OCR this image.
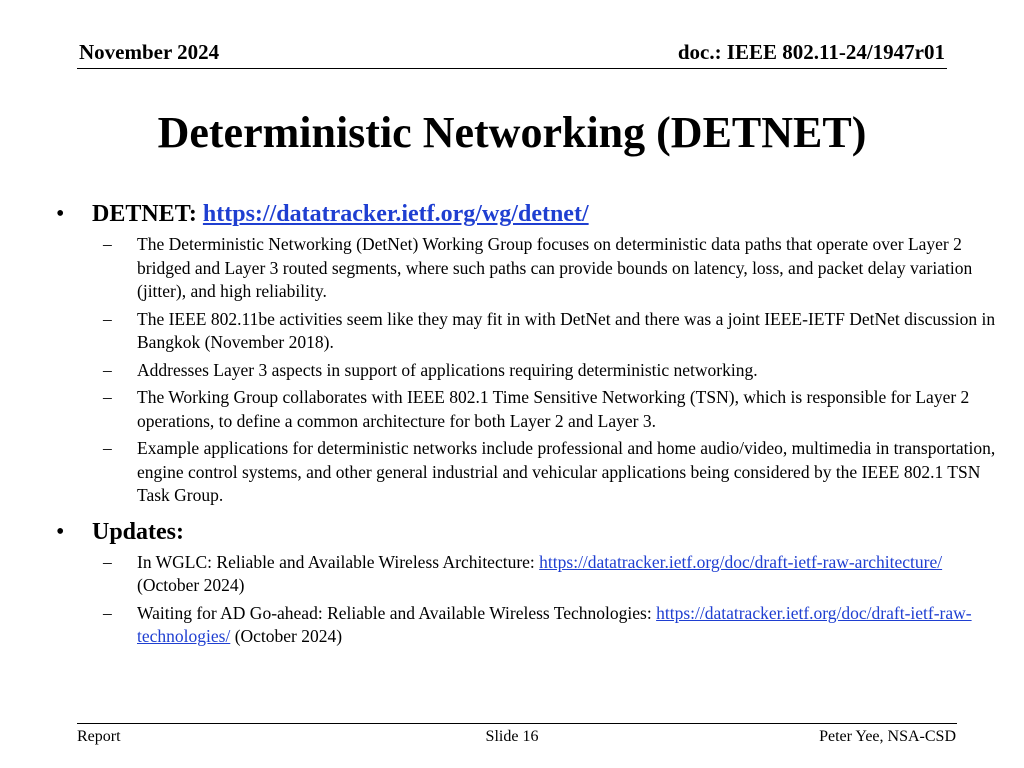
November 2024	doc.: IEEE 802.11-24/1947r01
Deterministic Networking (DETNET)
• DETNET: https://datatracker.ietf.org/wg/detnet/
– The Deterministic Networking (DetNet) Working Group focuses on deterministic data paths that operate over Layer 2 bridged and Layer 3 routed segments, where such paths can provide bounds on latency, loss, and packet delay variation (jitter), and high reliability.
– The IEEE 802.11be activities seem like they may fit in with DetNet and there was a joint IEEE-IETF DetNet discussion in Bangkok (November 2018).
– Addresses Layer 3 aspects in support of applications requiring deterministic networking.
– The Working Group collaborates with IEEE 802.1 Time Sensitive Networking (TSN), which is responsible for Layer 2 operations, to define a common architecture for both Layer 2 and Layer 3.
– Example applications for deterministic networks include professional and home audio/video, multimedia in transportation, engine control systems, and other general industrial and vehicular applications being considered by the IEEE 802.1 TSN Task Group.
• Updates:
– In WGLC: Reliable and Available Wireless Architecture: https://datatracker.ietf.org/doc/draft-ietf-raw-architecture/ (October 2024)
– Waiting for AD Go-ahead: Reliable and Available Wireless Technologies: https://datatracker.ietf.org/doc/draft-ietf-raw-technologies/ (October 2024)
Report	Slide 16	Peter Yee, NSA-CSD
